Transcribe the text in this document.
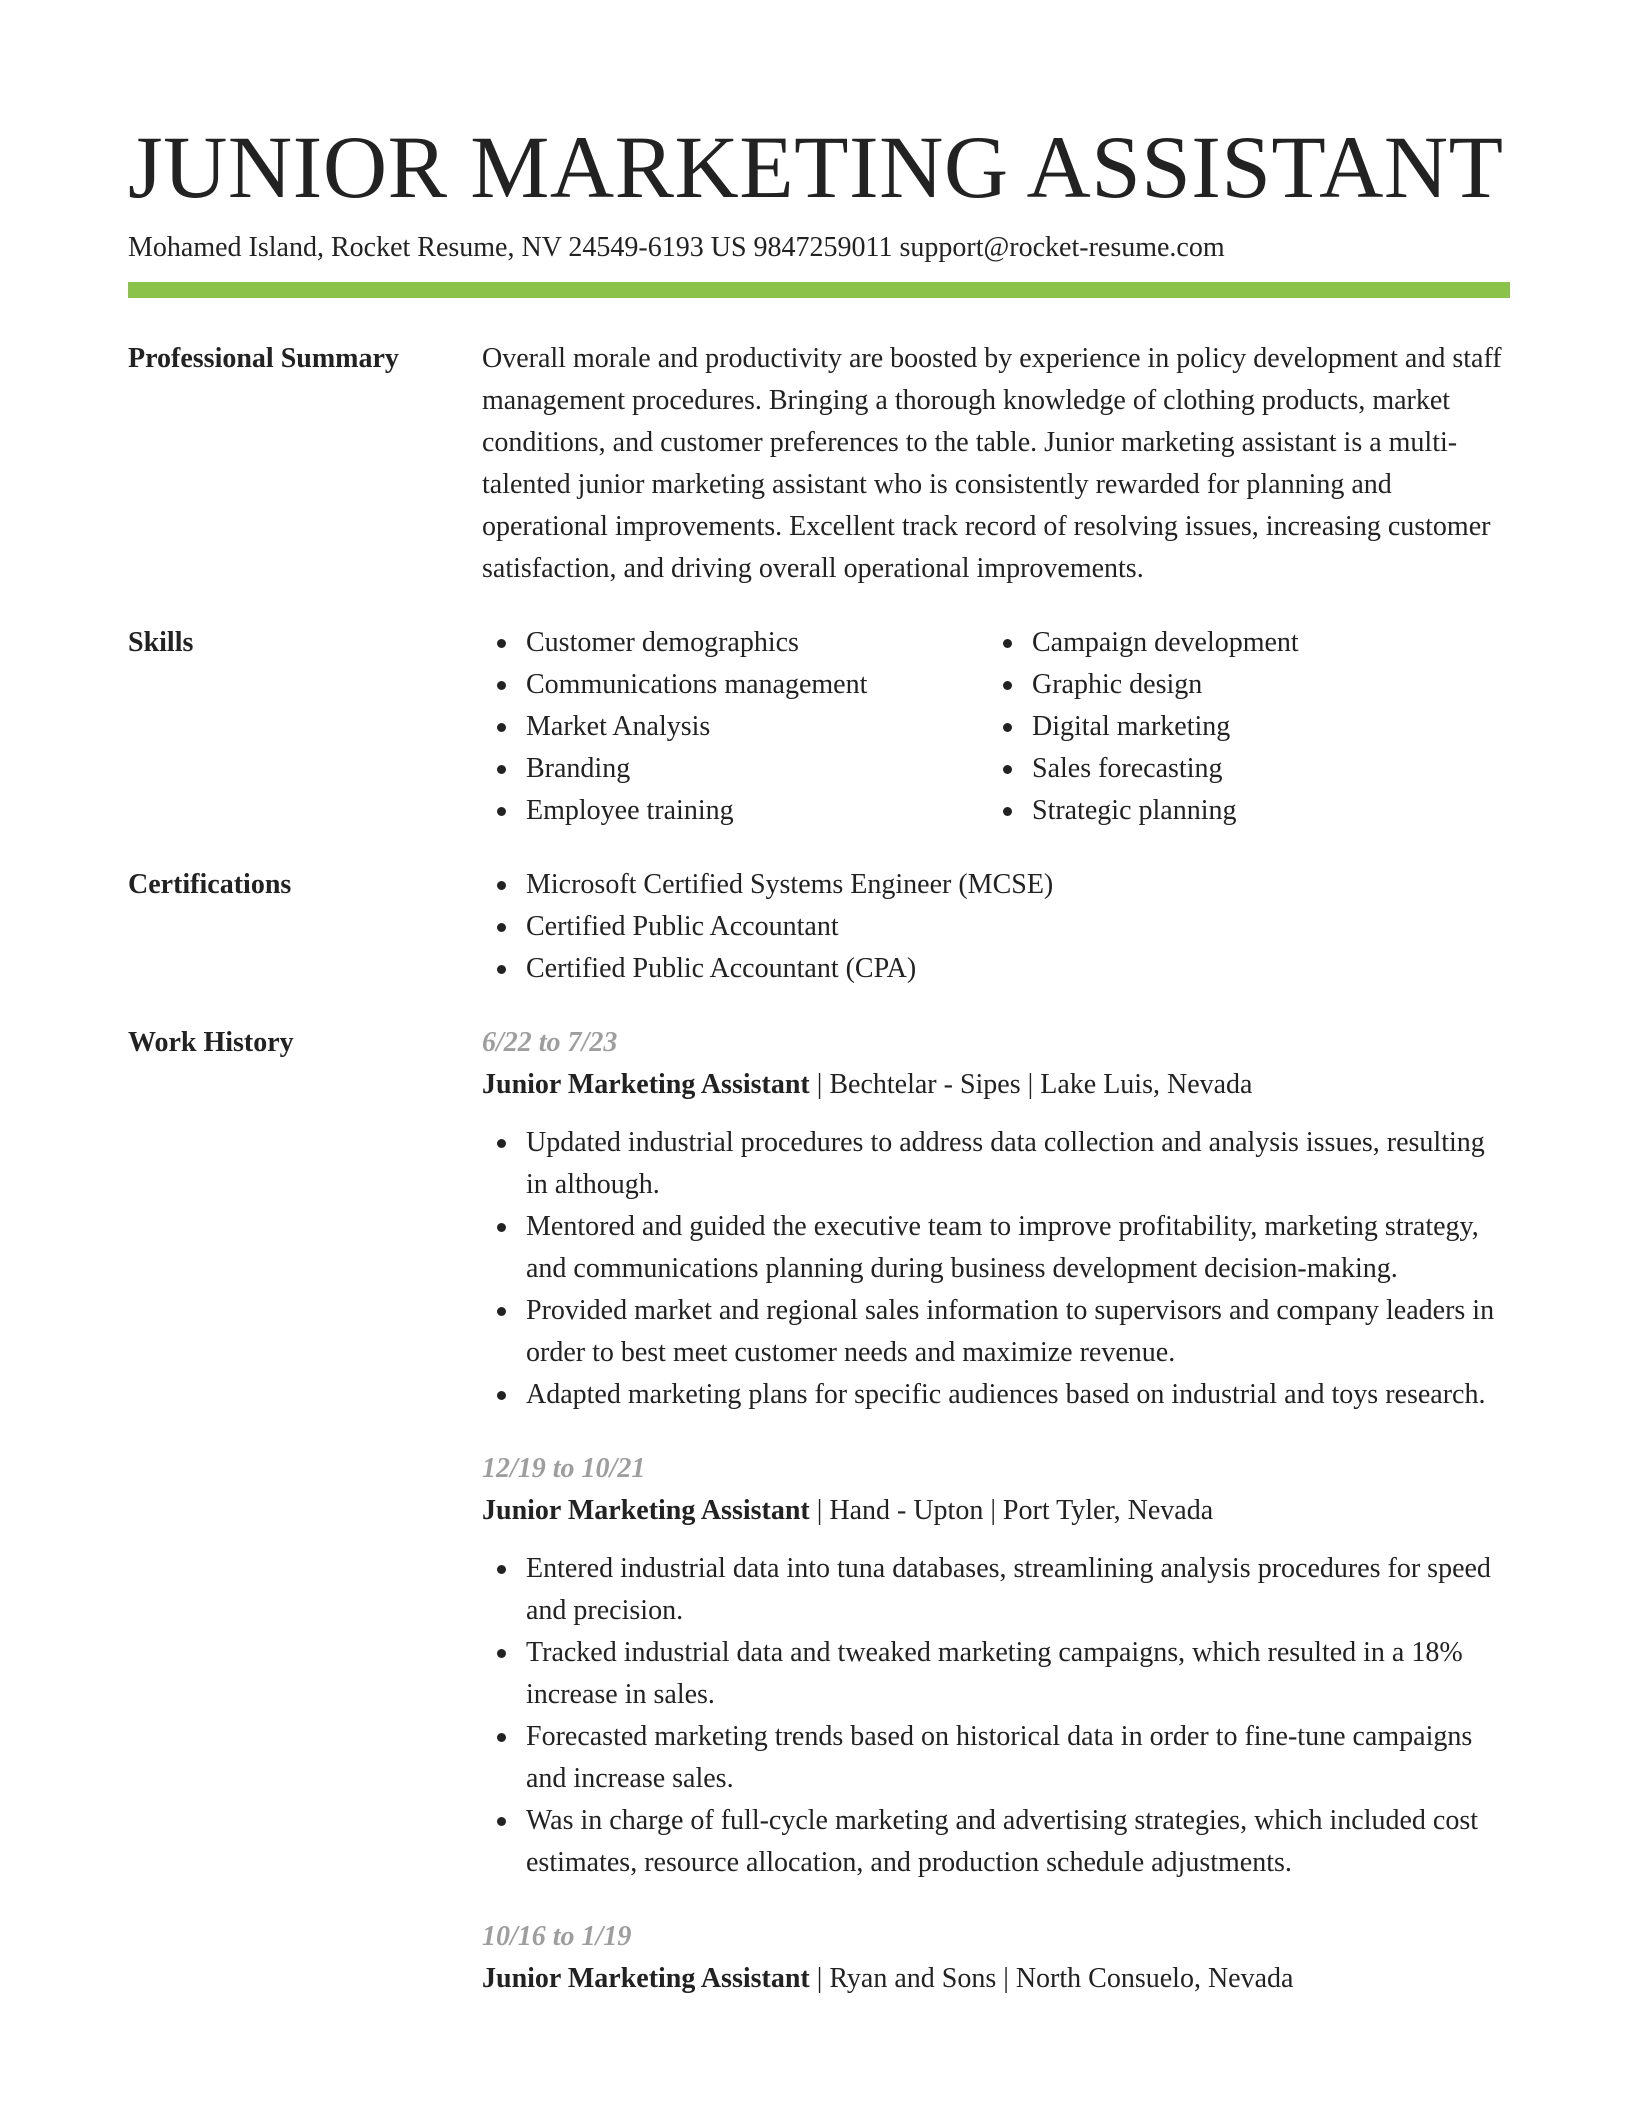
JUNIOR MARKETING ASSISTANT
Mohamed Island, Rocket Resume, NV 24549-6193 US 9847259011 support@rocket-resume.com
Professional Summary	Overall morale and productivity are boosted by experience in policy development and staff management procedures. Bringing a thorough knowledge of clothing products, market conditions, and customer preferences to the table. Junior marketing assistant is a multi-talented junior marketing assistant who is consistently rewarded for planning and operational improvements. Excellent track record of resolving issues, increasing customer satisfaction, and driving overall operational improvements.

Skills	Customer demographics
Communications management
Market Analysis
Branding
Employee training
Campaign development
Graphic design
Digital marketing
Sales forecasting
Strategic planning
Certifications	Microsoft Certified Systems Engineer (MCSE)
Certified Public Accountant
Certified Public Accountant (CPA)
Work History	6/22 to 7/23
Junior Marketing Assistant | Bechtelar - Sipes | Lake Luis, Nevada
Updated industrial procedures to address data collection and analysis issues, resulting in although.
Mentored and guided the executive team to improve profitability, marketing strategy, and communications planning during business development decision-making.
Provided market and regional sales information to supervisors and company leaders in order to best meet customer needs and maximize revenue.
Adapted marketing plans for specific audiences based on industrial and toys research.
12/19 to 10/21
Junior Marketing Assistant | Hand - Upton | Port Tyler, Nevada
Entered industrial data into tuna databases, streamlining analysis procedures for speed and precision.
Tracked industrial data and tweaked marketing campaigns, which resulted in a 18% increase in sales.
Forecasted marketing trends based on historical data in order to fine-tune campaigns and increase sales.
Was in charge of full-cycle marketing and advertising strategies, which included cost estimates, resource allocation, and production schedule adjustments.
10/16 to 1/19
Junior Marketing Assistant | Ryan and Sons | North Consuelo, Nevada
